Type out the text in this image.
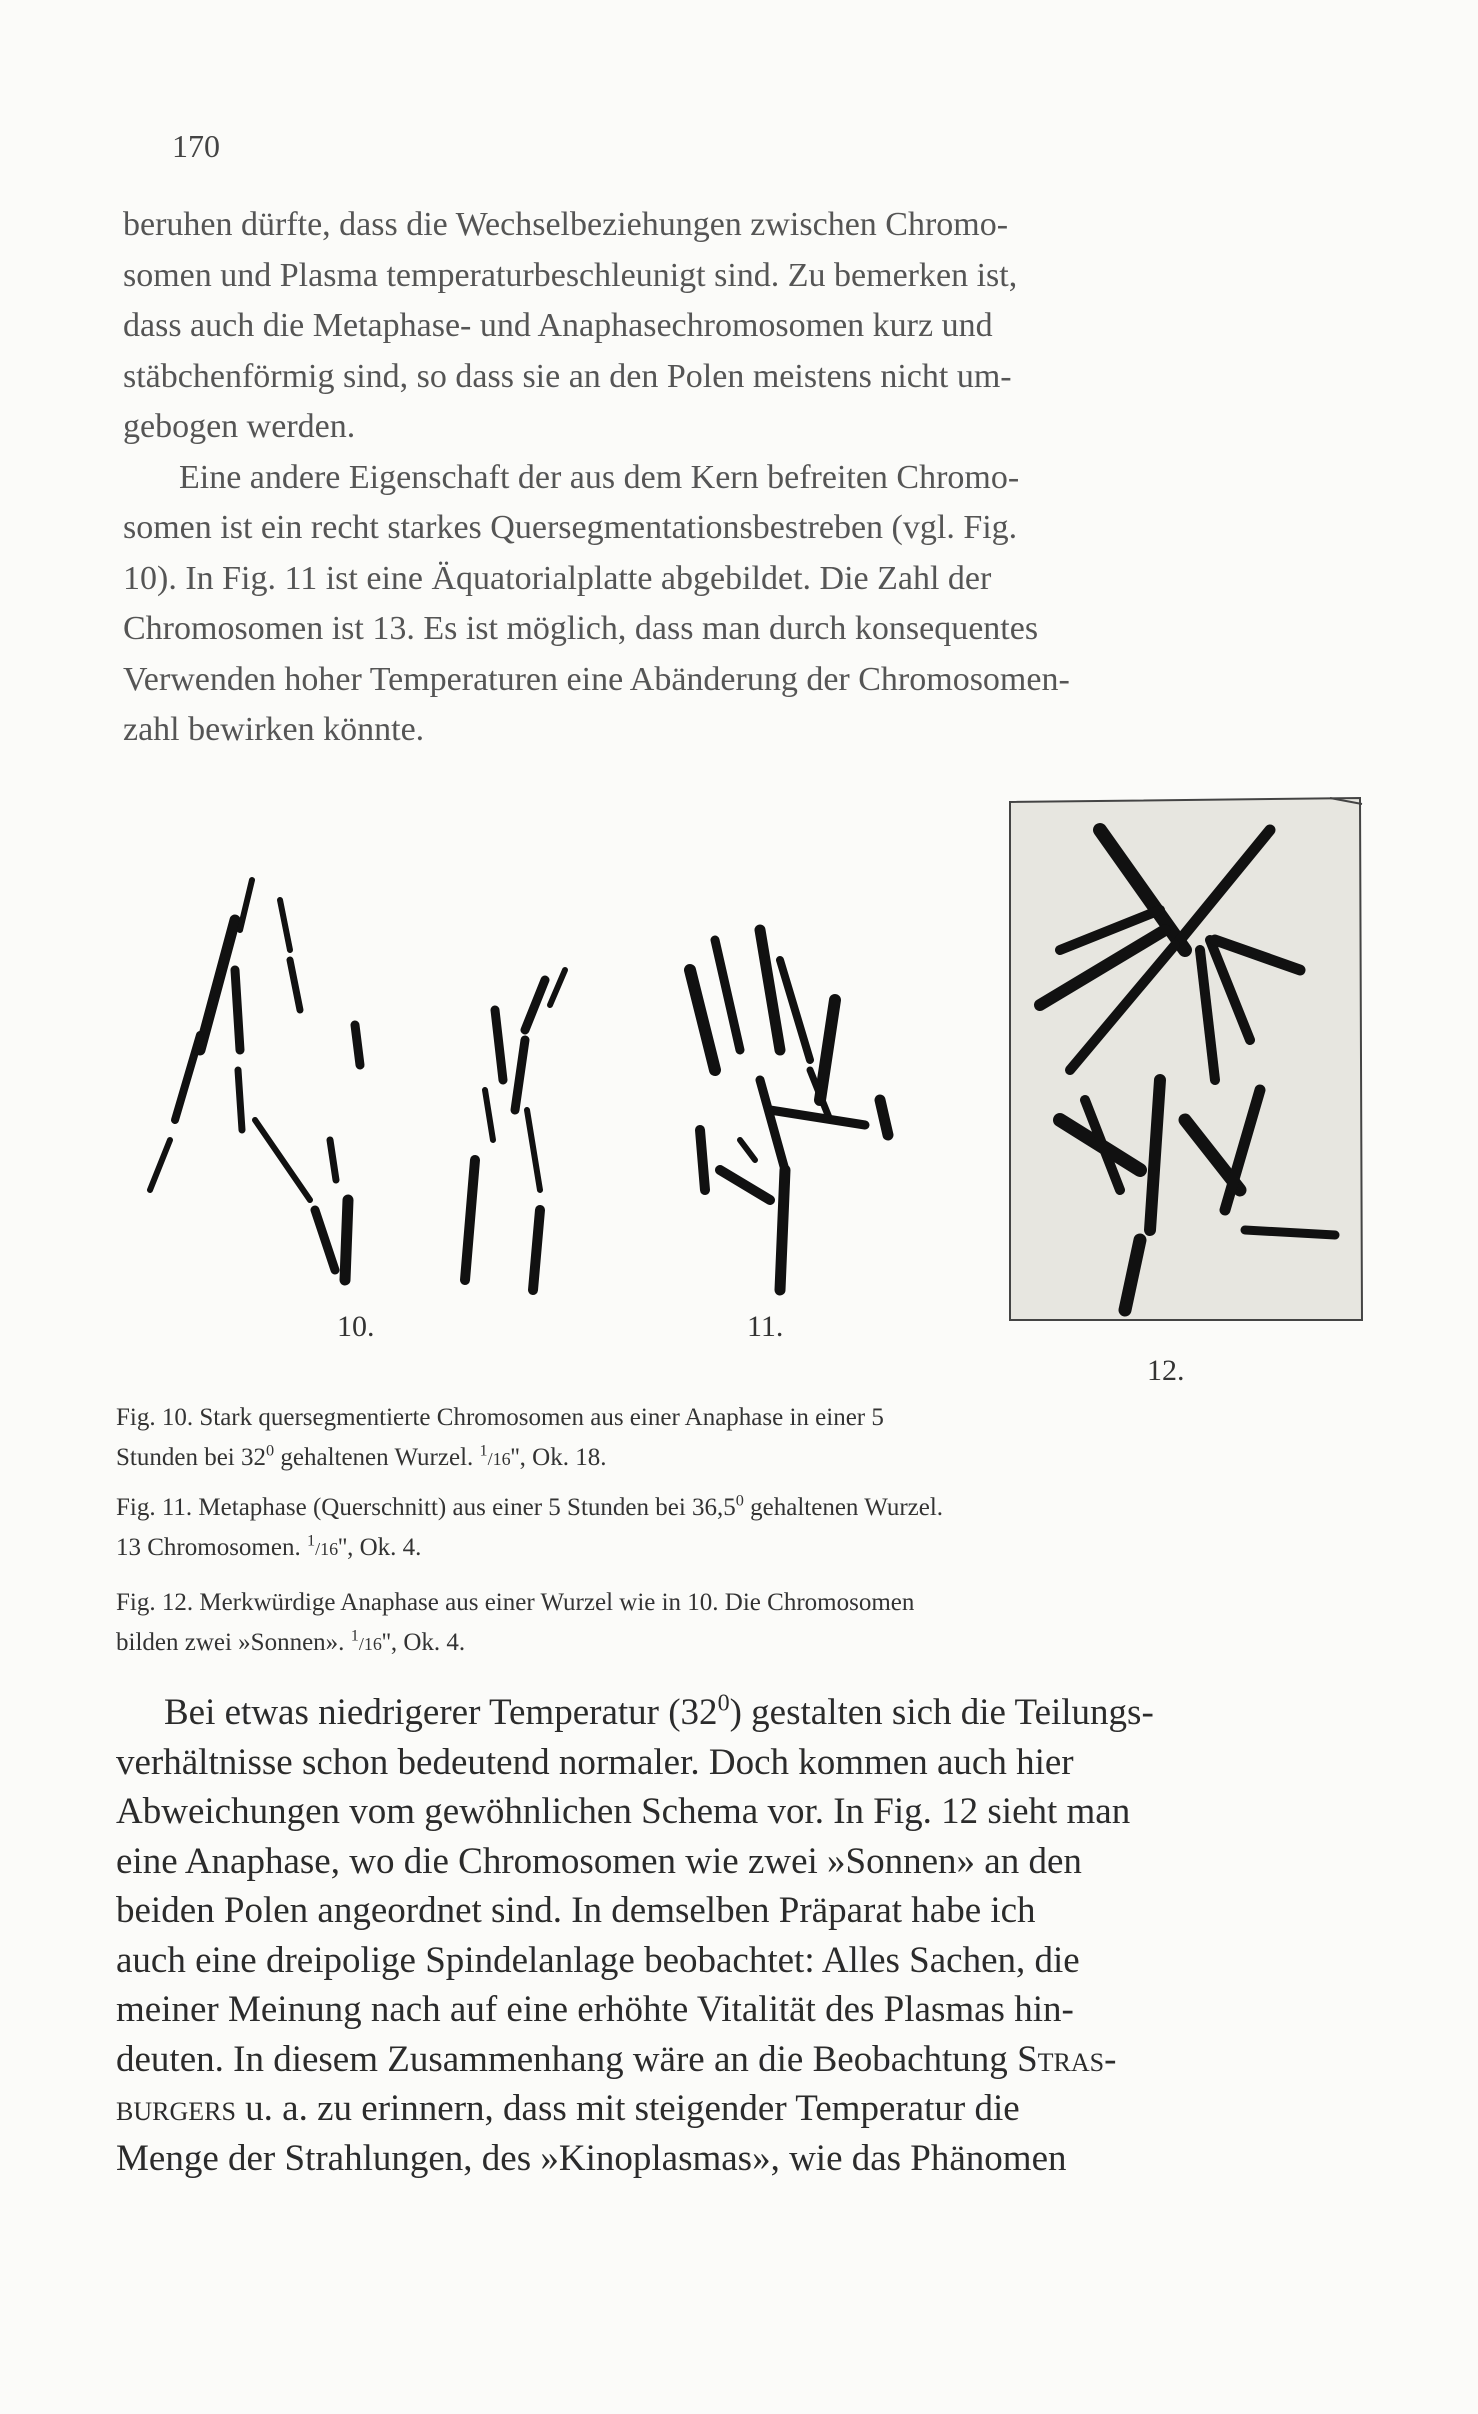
170
beruhen dürfte, dass die Wechselbeziehungen zwischen Chromo-
somen und Plasma temperaturbeschleunigt sind. Zu bemerken ist,
dass auch die Metaphase- und Anaphasechromosomen kurz und
stäbchenförmig sind, so dass sie an den Polen meistens nicht um-
gebogen werden.
Eine andere Eigenschaft der aus dem Kern befreiten Chromo-
somen ist ein recht starkes Quersegmentationsbestreben (vgl. Fig.
10). In Fig. 11 ist eine Äquatorialplatte abgebildet. Die Zahl der
Chromosomen ist 13. Es ist möglich, dass man durch konsequentes
Verwenden hoher Temperaturen eine Abänderung der Chromosomen-
zahl bewirken könnte.
10.	11.
12.

Fig. 10. Stark quersegmentierte Chromosomen aus einer Anaphase in einer 5
Stunden bei $32^0$ gehaltenen Wurzel. $^1$/16'', Ok. 18.

Fig. 11. Metaphase (Querschnitt) aus einer 5 Stunden bei 36,5$^0$ gehaltenen Wurzel.
13 Chromosomen. $^1$/16'', Ok. 4.

Fig. 12. Merkwürdige Anaphase aus einer Wurzel wie in 10. Die Chromosomen
bilden zwei »Sonnen». $^1$/16'', Ok. 4.

Bei etwas niedrigerer Temperatur $(32^0)$ gestalten sich die Teilungs-
verhältnisse schon bedeutend normaler. Doch kommen auch hier
Abweichungen vom gewöhnlichen Schema vor. In Fig. 12 sieht man
eine Anaphase, wo die Chromosomen wie zwei »Sonnen» an den
beiden Polen angeordnet sind. In demselben Präparat habe ich
auch eine dreipolige Spindelanlage beobachtet: Alles Sachen, die
meiner Meinung nach auf eine erhöhte Vitalität des Plasmas hin-
deuten. In diesem Zusammenhang wäre an die Beobachtung Stras-
burgers u. a. zu erinnern, dass mit steigender Temperatur die
Menge der Strahlungen, des »Kinoplasmas», wie das Phänomen
